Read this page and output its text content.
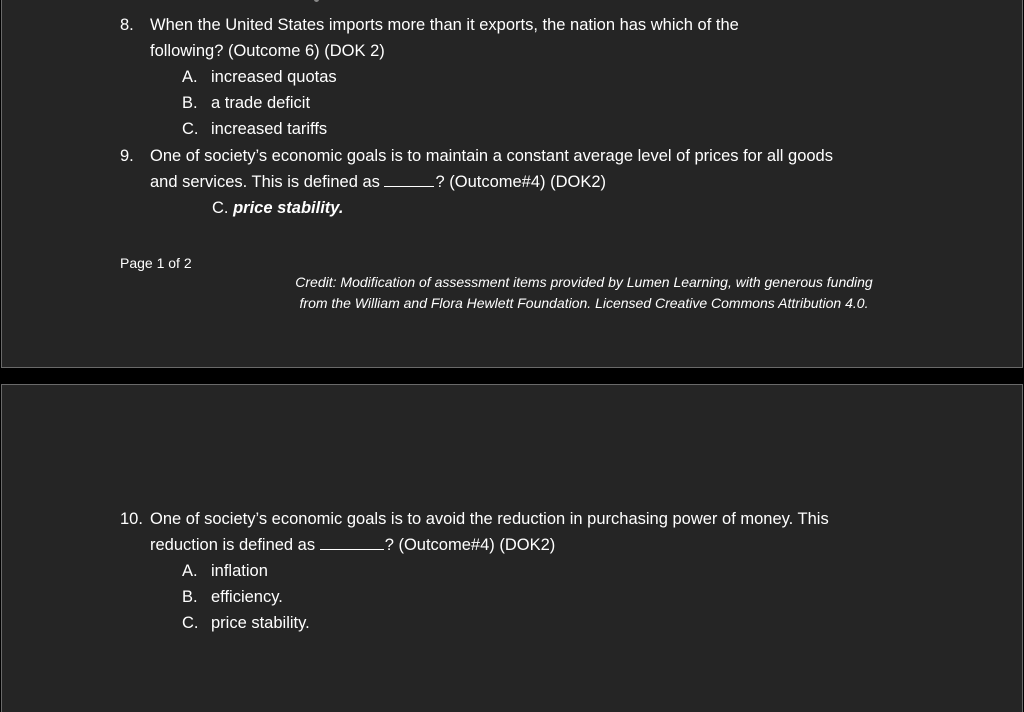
8. When the United States imports more than it exports, the nation has which of the
following? (Outcome 6) (DOK 2)
A. increased quotas
B. a trade deficit
C. increased tariffs
9. One of society’s economic goals is to maintain a constant average level of prices for all goods
and services. This is defined as	? (Outcome#4) (DOK2)
C. price stability.
Page 1 of 2
Credit: Modification of assessment items provided by Lumen Learning, with generous funding
from the William and Flora Hewlett Foundation. Licensed Creative Commons Attribution 4.0.
10. One of society’s economic goals is to avoid the reduction in purchasing power of money. This
reduction is defined as	? (Outcome#4) (DOK2)
A. inflation
B. efficiency.
C. price stability.
